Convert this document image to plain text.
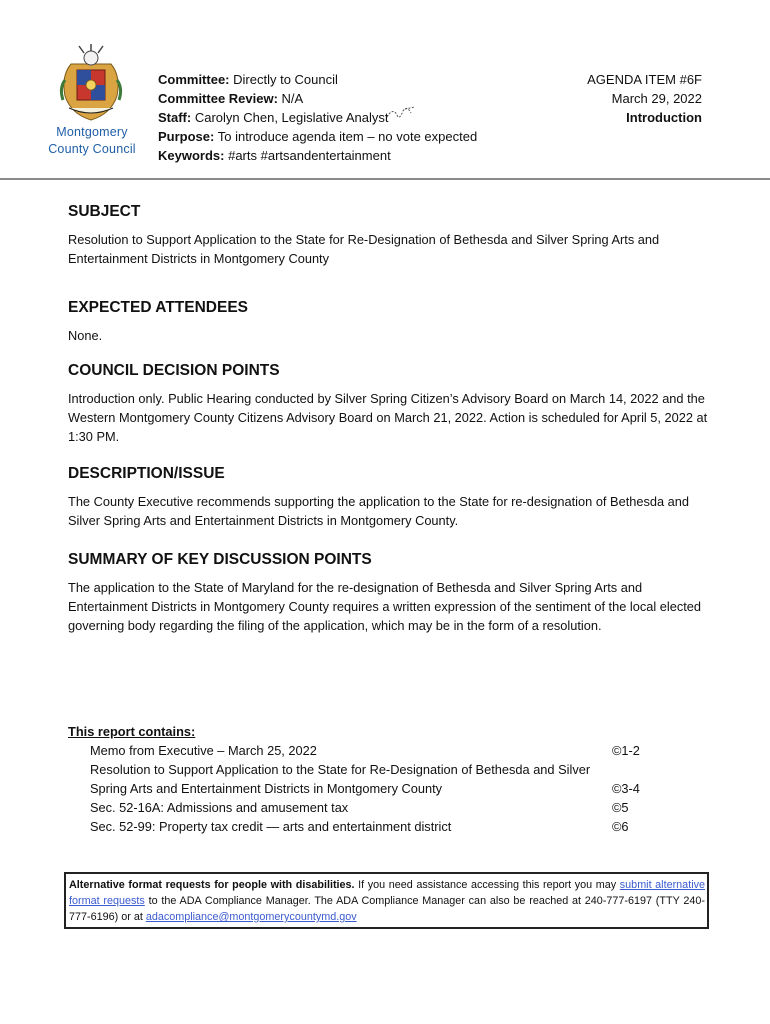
Montgomery
County Council
Committee: Directly to Council
Committee Review: N/A
Staff: Carolyn Chen, Legislative Analyst
Purpose: To introduce agenda item – no vote expected
Keywords: #arts #artsandentertainment
AGENDA ITEM #6F
March 29, 2022
Introduction
SUBJECT

Resolution to Support Application to the State for Re-Designation of Bethesda and Silver Spring Arts and Entertainment Districts in Montgomery County

EXPECTED ATTENDEES

None.

COUNCIL DECISION POINTS

Introduction only. Public Hearing conducted by Silver Spring Citizen’s Advisory Board on March 14, 2022 and the Western Montgomery County Citizens Advisory Board on March 21, 2022. Action is scheduled for April 5, 2022 at 1:30 PM.

DESCRIPTION/ISSUE

The County Executive recommends supporting the application to the State for re-designation of Bethesda and Silver Spring Arts and Entertainment Districts in Montgomery County.

SUMMARY OF KEY DISCUSSION POINTS

The application to the State of Maryland for the re-designation of Bethesda and Silver Spring Arts and Entertainment Districts in Montgomery County requires a written expression of the sentiment of the local elected governing body regarding the filing of the application, which may be in the form of a resolution.

This report contains:
Memo from Executive – March 25, 2022	©1-2
Resolution to Support Application to the State for Re-Designation of Bethesda and Silver Spring Arts and Entertainment Districts in Montgomery County	©3-4
Sec. 52-16A: Admissions and amusement tax	©5
Sec. 52-99: Property tax credit — arts and entertainment district	©6
Alternative format requests for people with disabilities. If you need assistance accessing this report you may submit alternative format requests to the ADA Compliance Manager. The ADA Compliance Manager can also be reached at 240-777-6197 (TTY 240-777-6196) or at adacompliance@montgomerycountymd.gov
